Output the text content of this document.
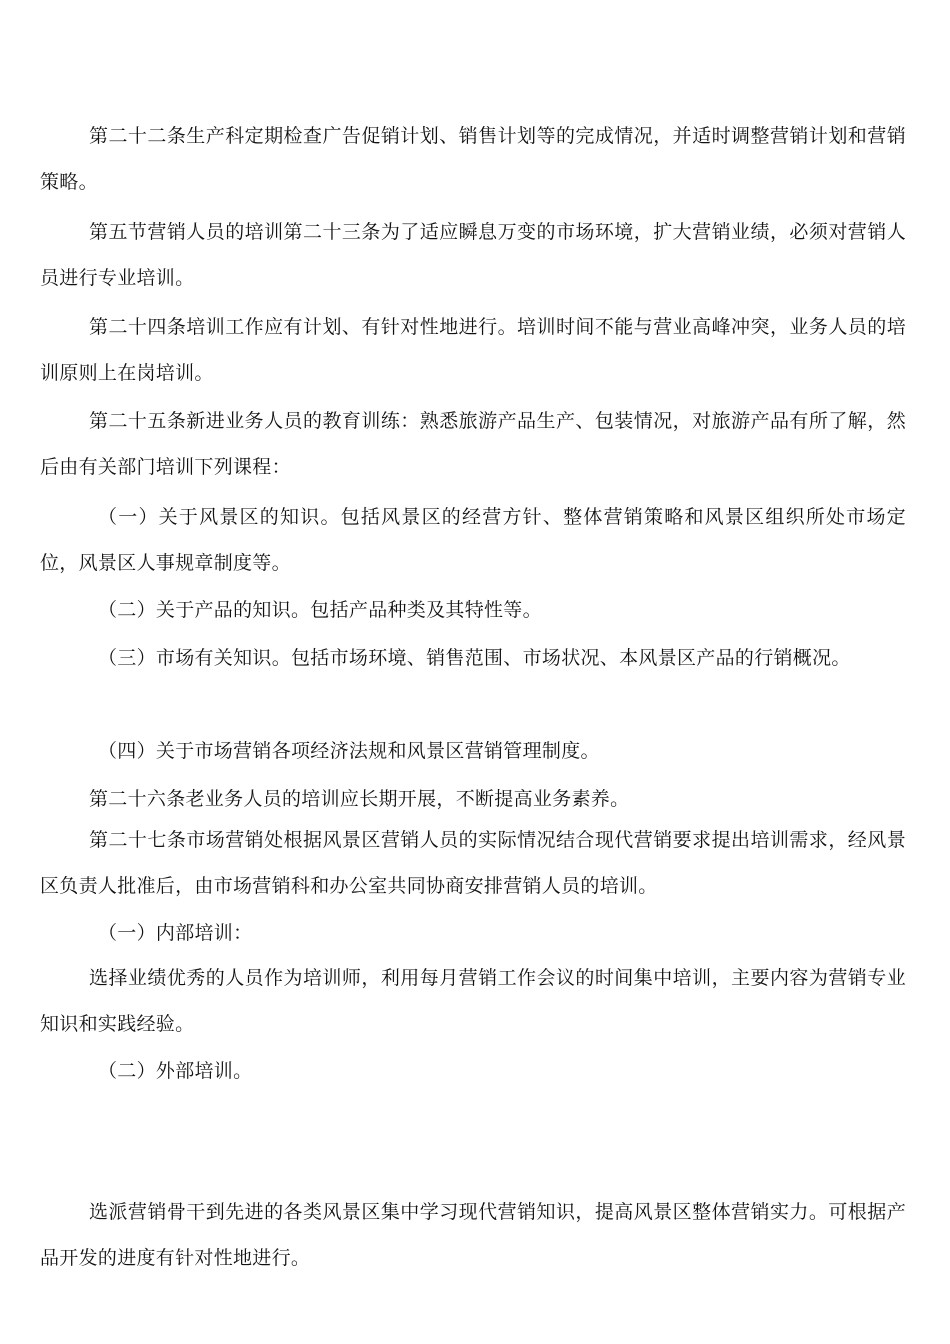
第二十二条生产科定期检查广告促销计划、销售计划等的完成情况，并适时调整营销计划和营销策略。

第五节营销人员的培训第二十三条为了适应瞬息万变的市场环境，扩大营销业绩，必须对营销人员进行专业培训。

第二十四条培训工作应有计划、有针对性地进行。培训时间不能与营业高峰冲突，业务人员的培训原则上在岗培训。

第二十五条新进业务人员的教育训练：熟悉旅游产品生产、包装情况，对旅游产品有所了解，然后由有关部门培训下列课程：

（一）关于风景区的知识。包括风景区的经营方针、整体营销策略和风景区组织所处市场定位，风景区人事规章制度等。

（二）关于产品的知识。包括产品种类及其特性等。

（三）市场有关知识。包括市场环境、销售范围、市场状况、本风景区产品的行销概况。

（四）关于市场营销各项经济法规和风景区营销管理制度。

第二十六条老业务人员的培训应长期开展，不断提高业务素养。

第二十七条市场营销处根据风景区营销人员的实际情况结合现代营销要求提出培训需求，经风景区负责人批准后，由市场营销科和办公室共同协商安排营销人员的培训。

（一）内部培训：

选择业绩优秀的人员作为培训师，利用每月营销工作会议的时间集中培训，主要内容为营销专业知识和实践经验。

（二）外部培训。

选派营销骨干到先进的各类风景区集中学习现代营销知识，提高风景区整体营销实力。可根据产品开发的进度有针对性地进行。
